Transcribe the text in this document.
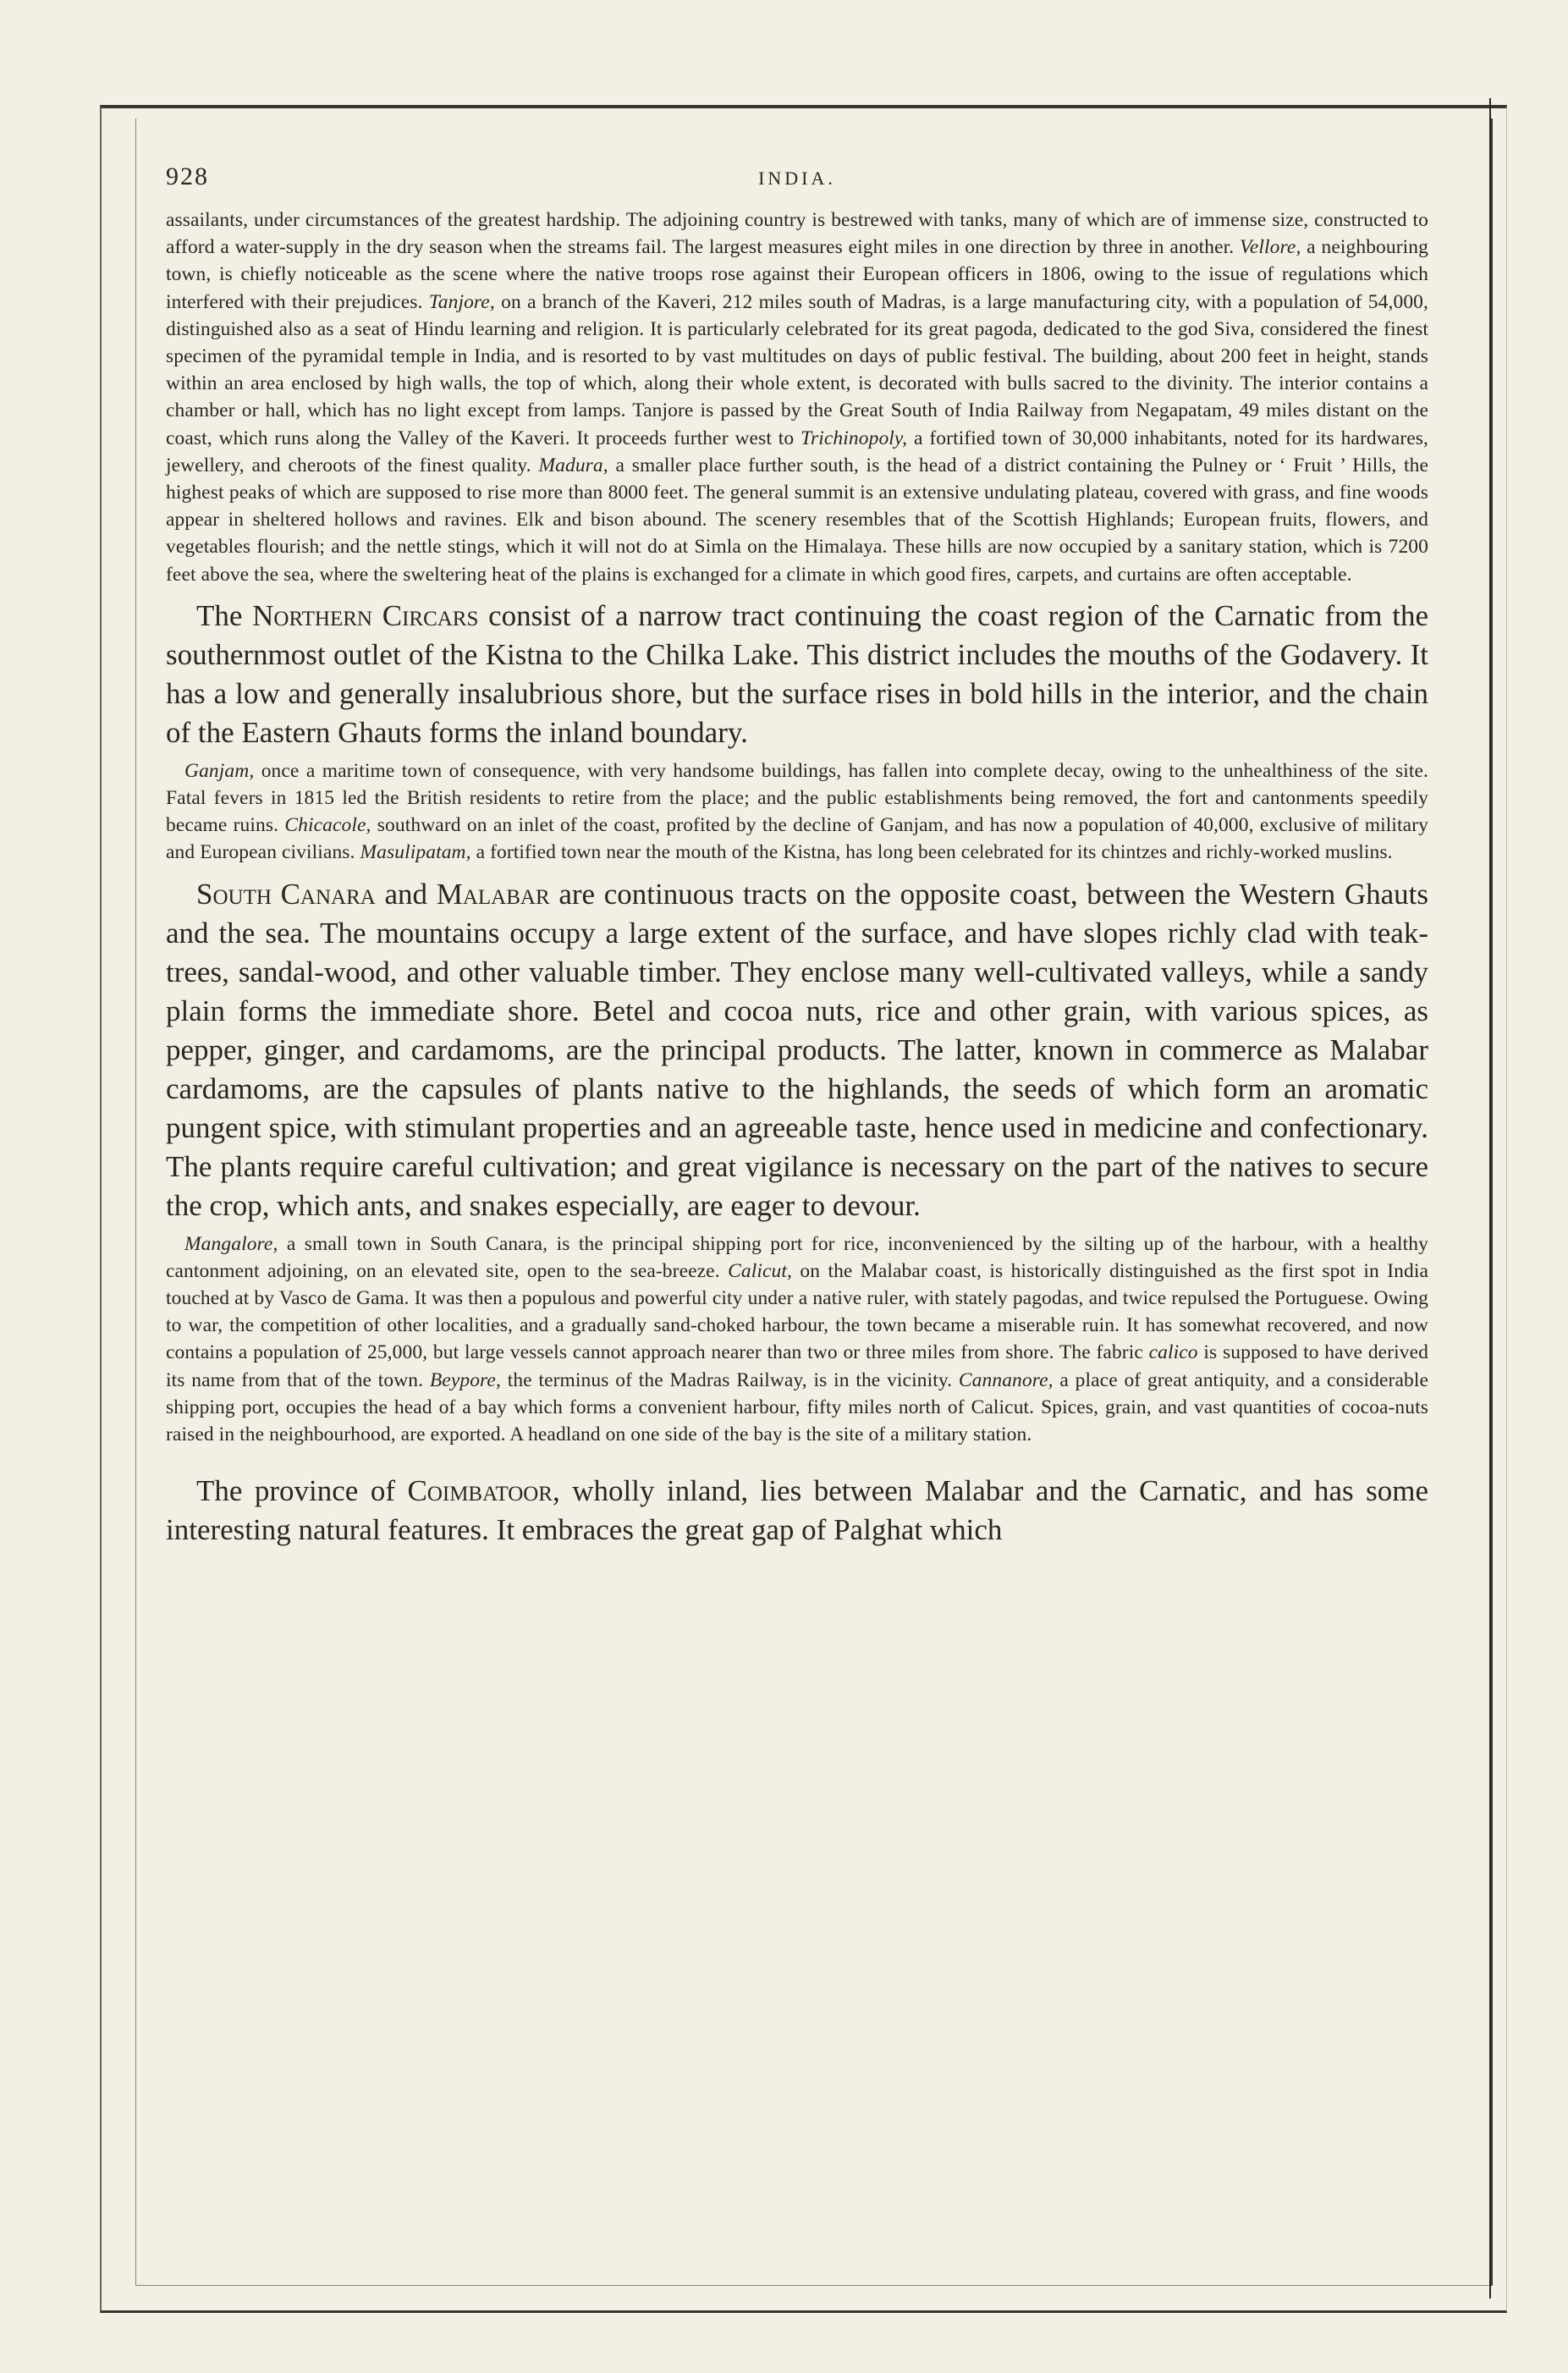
928	INDIA.

assailants, under circumstances of the greatest hardship. The adjoining country is bestrewed with tanks, many of which are of immense size, constructed to afford a water-supply in the dry season when the streams fail. The largest measures eight miles in one direction by three in another. Vellore, a neighbouring town, is chiefly noticeable as the scene where the native troops rose against their European officers in 1806, owing to the issue of regulations which interfered with their prejudices. Tanjore, on a branch of the Kaveri, 212 miles south of Madras, is a large manufacturing city, with a population of 54,000, distinguished also as a seat of Hindu learning and religion. It is particularly celebrated for its great pagoda, dedicated to the god Siva, considered the finest specimen of the pyramidal temple in India, and is resorted to by vast multitudes on days of public festival. The building, about 200 feet in height, stands within an area enclosed by high walls, the top of which, along their whole extent, is decorated with bulls sacred to the divinity. The interior contains a chamber or hall, which has no light except from lamps. Tanjore is passed by the Great South of India Railway from Negapatam, 49 miles distant on the coast, which runs along the Valley of the Kaveri. It proceeds further west to Trichinopoly, a fortified town of 30,000 inhabitants, noted for its hardwares, jewellery, and cheroots of the finest quality. Madura, a smaller place further south, is the head of a district containing the Pulney or ‘ Fruit ’ Hills, the highest peaks of which are supposed to rise more than 8000 feet. The general summit is an extensive undulating plateau, covered with grass, and fine woods appear in sheltered hollows and ravines. Elk and bison abound. The scenery resembles that of the Scottish Highlands; European fruits, flowers, and vegetables flourish; and the nettle stings, which it will not do at Simla on the Himalaya. These hills are now occupied by a sanitary station, which is 7200 feet above the sea, where the sweltering heat of the plains is exchanged for a climate in which good fires, carpets, and curtains are often acceptable.

The Northern Circars consist of a narrow tract continuing the coast region of the Carnatic from the southernmost outlet of the Kistna to the Chilka Lake. This district includes the mouths of the Godavery. It has a low and generally insalubrious shore, but the surface rises in bold hills in the interior, and the chain of the Eastern Ghauts forms the inland boundary.

Ganjam, once a maritime town of consequence, with very handsome buildings, has fallen into complete decay, owing to the unhealthiness of the site. Fatal fevers in 1815 led the British residents to retire from the place; and the public establishments being removed, the fort and cantonments speedily became ruins. Chicacole, southward on an inlet of the coast, profited by the decline of Ganjam, and has now a population of 40,000, exclusive of military and European civilians. Masulipatam, a fortified town near the mouth of the Kistna, has long been celebrated for its chintzes and richly-worked muslins.

South Canara and Malabar are continuous tracts on the opposite coast, between the Western Ghauts and the sea. The mountains occupy a large extent of the surface, and have slopes richly clad with teak-trees, sandal-wood, and other valuable timber. They enclose many well-cultivated valleys, while a sandy plain forms the immediate shore. Betel and cocoa nuts, rice and other grain, with various spices, as pepper, ginger, and cardamoms, are the principal products. The latter, known in commerce as Malabar cardamoms, are the capsules of plants native to the highlands, the seeds of which form an aromatic pungent spice, with stimulant properties and an agreeable taste, hence used in medicine and confectionary. The plants require careful cultivation; and great vigilance is necessary on the part of the natives to secure the crop, which ants, and snakes especially, are eager to devour.

Mangalore, a small town in South Canara, is the principal shipping port for rice, inconvenienced by the silting up of the harbour, with a healthy cantonment adjoining, on an elevated site, open to the sea-breeze. Calicut, on the Malabar coast, is historically distinguished as the first spot in India touched at by Vasco de Gama. It was then a populous and powerful city under a native ruler, with stately pagodas, and twice repulsed the Portuguese. Owing to war, the competition of other localities, and a gradually sand-choked harbour, the town became a miserable ruin. It has somewhat recovered, and now contains a population of 25,000, but large vessels cannot approach nearer than two or three miles from shore. The fabric calico is supposed to have derived its name from that of the town. Beypore, the terminus of the Madras Railway, is in the vicinity. Cannanore, a place of great antiquity, and a considerable shipping port, occupies the head of a bay which forms a convenient harbour, fifty miles north of Calicut. Spices, grain, and vast quantities of cocoa-nuts raised in the neighbourhood, are exported. A headland on one side of the bay is the site of a military station.

The province of Coimbatoor, wholly inland, lies between Malabar and the Carnatic, and has some interesting natural features. It embraces the great gap of Palghat which
